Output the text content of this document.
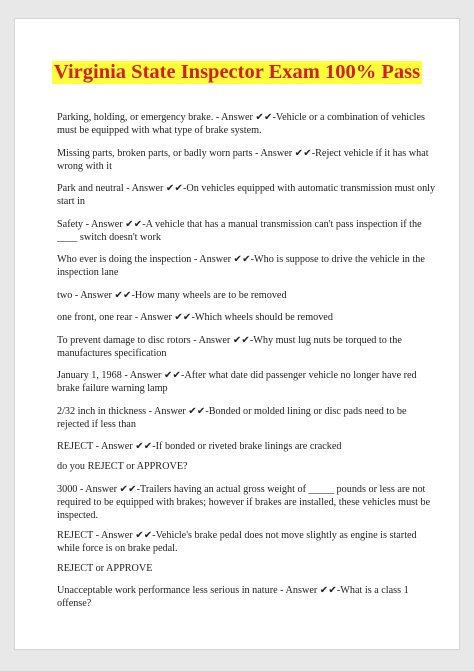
Virginia State Inspector Exam 100% Pass

Parking, holding, or emergency brake. - Answer ✔✔-Vehicle or a combination of vehicles must be equipped with what type of brake system.

Missing parts, broken parts, or badly worn parts - Answer ✔✔-Reject vehicle if it has what wrong with it

Park and neutral - Answer ✔✔-On vehicles equipped with automatic transmission must only start in

Safety - Answer ✔✔-A vehicle that has a manual transmission can't pass inspection if the ____ switch doesn't work

Who ever is doing the inspection - Answer ✔✔-Who is suppose to drive the vehicle in the inspection lane

two - Answer ✔✔-How many wheels are to be removed

one front, one rear - Answer ✔✔-Which wheels should be removed

To prevent damage to disc rotors - Answer ✔✔-Why must lug nuts be torqued to the manufactures specification

January 1, 1968 - Answer ✔✔-After what date did passenger vehicle no longer have red brake failure warning lamp

2/32 inch in thickness - Answer ✔✔-Bonded or molded lining or disc pads need to be rejected if less than

REJECT - Answer ✔✔-If bonded or riveted brake linings are cracked

do you REJECT or APPROVE?

3000 - Answer ✔✔-Trailers having an actual gross weight of _____ pounds or less are not required to be equipped with brakes; however if brakes are installed, these vehicles must be inspected.

REJECT - Answer ✔✔-Vehicle's brake pedal does not move slightly as engine is started while force is on brake pedal.

REJECT or APPROVE

Unacceptable work performance less serious in nature - Answer ✔✔-What is a class 1 offense?
